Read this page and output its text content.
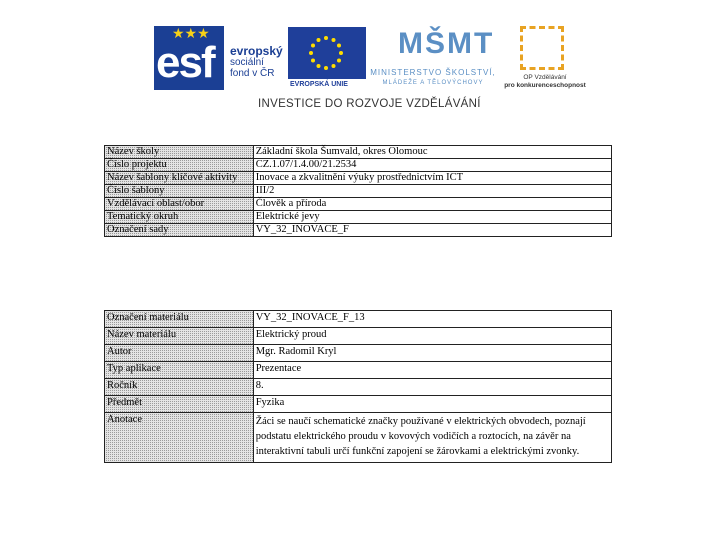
★★★
esf evropský
sociální
fond v ČR
EVROPSKÁ UNIE
MŠMT
MINISTERSTVO ŠKOLSTVÍ,
MLÁDEŽE A TĚLOVÝCHOVY
OP Vzdělávání
pro konkurenceschopnost
INVESTICE DO ROZVOJE VZDĚLÁVÁNÍ
Název školy	Základní škola Šumvald, okres Olomouc
Číslo projektu	CZ.1.07/1.4.00/21.2534
Název šablony klíčové aktivity	Inovace a zkvalitnění výuky prostřednictvím ICT
Číslo šablony	III/2
Vzdělávací oblast/obor	Člověk a příroda
Tematický okruh	Elektrické jevy
Označení sady	VY_32_INOVACE_F
Označení materiálu	VY_32_INOVACE_F_13
Název materiálu	Elektrický proud
Autor	Mgr. Radomil Kryl
Typ aplikace	Prezentace
Ročník	8.
Předmět	Fyzika
Anotace	Žáci se naučí schematické značky používané v elektrických obvodech, poznají podstatu elektrického proudu v kovových vodičích a roztocích, na závěr na interaktivní tabuli určí funkční zapojení se žárovkami a elektrickými zvonky.
